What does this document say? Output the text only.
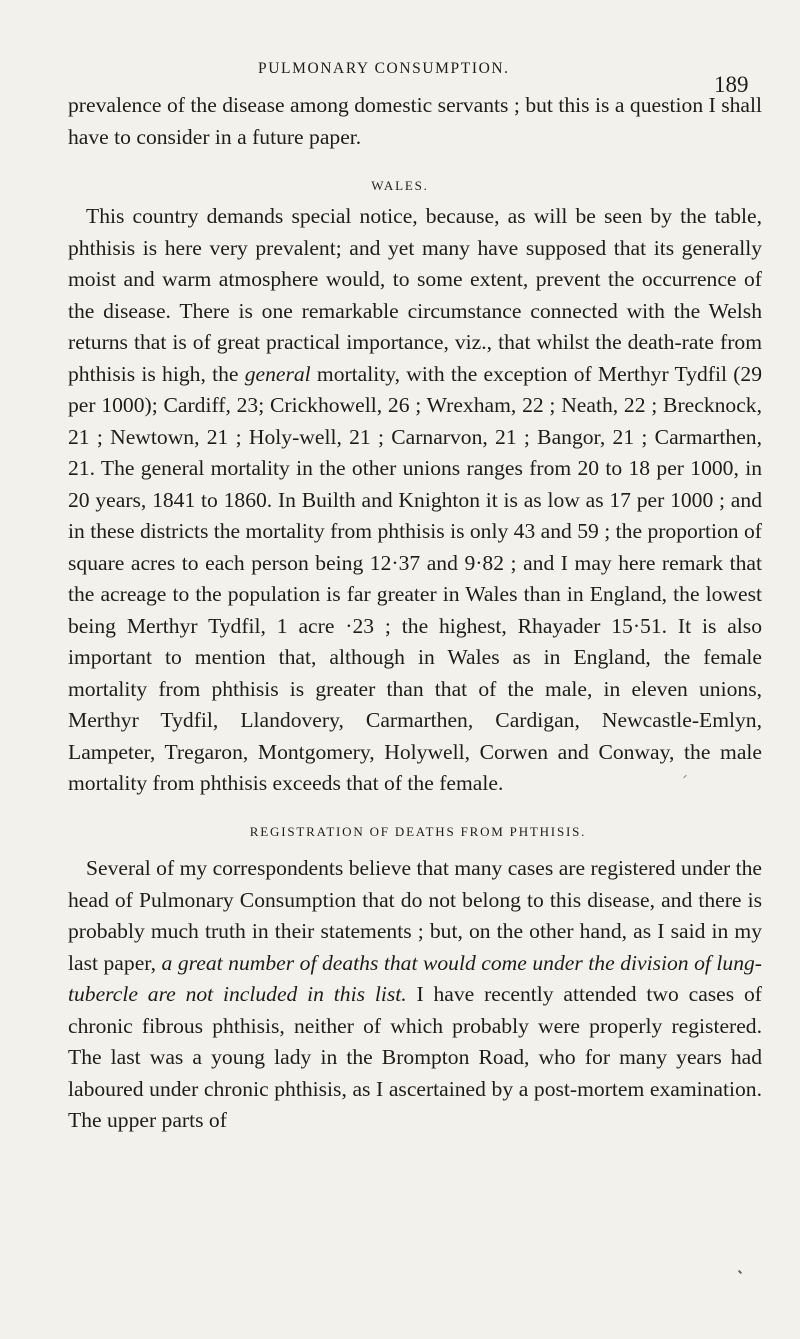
PULMONARY CONSUMPTION.
189
prevalence of the disease among domestic servants ; but this is a question I shall have to consider in a future paper.
WALES.
This country demands special notice, because, as will be seen by the table, phthisis is here very prevalent; and yet many have supposed that its generally moist and warm atmosphere would, to some extent, prevent the occurrence of the disease. There is one remarkable circumstance connected with the Welsh returns that is of great practical importance, viz., that whilst the death-rate from phthisis is high, the general mortality, with the exception of Merthyr Tydfil (29 per 1000); Cardiff, 23; Crickhowell, 26 ; Wrexham, 22 ; Neath, 22 ; Brecknock, 21 ; Newtown, 21 ; Holy-well, 21 ; Carnarvon, 21 ; Bangor, 21 ; Carmarthen, 21. The general mortality in the other unions ranges from 20 to 18 per 1000, in 20 years, 1841 to 1860. In Builth and Knighton it is as low as 17 per 1000 ; and in these districts the mortality from phthisis is only 43 and 59 ; the proportion of square acres to each person being 12·37 and 9·82 ; and I may here remark that the acreage to the population is far greater in Wales than in England, the lowest being Merthyr Tydfil, 1 acre ·23 ; the highest, Rhayader 15·51. It is also important to mention that, although in Wales as in England, the female mortality from phthisis is greater than that of the male, in eleven unions, Merthyr Tydfil, Llandovery, Carmarthen, Cardigan, Newcastle-Emlyn, Lampeter, Tregaron, Montgomery, Holywell, Corwen and Conway, the male mortality from phthisis exceeds that of the female.
REGISTRATION OF DEATHS FROM PHTHISIS.
Several of my correspondents believe that many cases are registered under the head of Pulmonary Consumption that do not belong to this disease, and there is probably much truth in their statements ; but, on the other hand, as I said in my last paper, a great number of deaths that would come under the division of lung-tubercle are not included in this list. I have recently attended two cases of chronic fibrous phthisis, neither of which probably were properly registered. The last was a young lady in the Brompton Road, who for many years had laboured under chronic phthisis, as I ascertained by a post-mortem examination. The upper parts of
